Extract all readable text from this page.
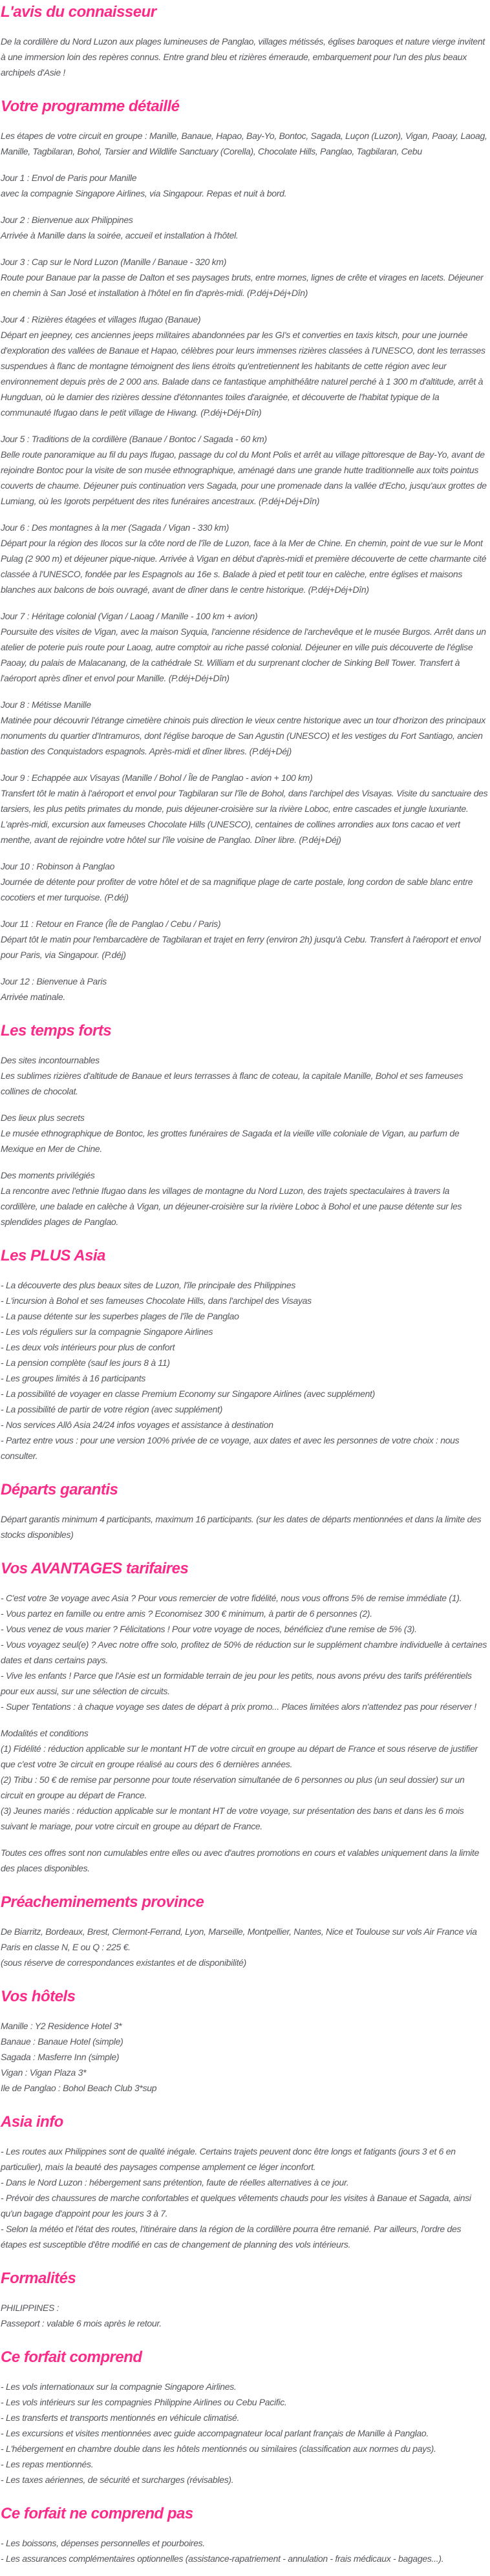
L'avis du connaisseur
De la cordillère du Nord Luzon aux plages lumineuses de Panglao, villages métissés, églises baroques et nature vierge invitent à une immersion loin des repères connus. Entre grand bleu et rizières émeraude, embarquement pour l'un des plus beaux archipels d'Asie !
Votre programme détaillé
Les étapes de votre circuit en groupe : Manille, Banaue, Hapao, Bay-Yo, Bontoc, Sagada, Luçon (Luzon), Vigan, Paoay, Laoag, Manille, Tagbilaran, Bohol, Tarsier and Wildlife Sanctuary (Corella), Chocolate Hills, Panglao, Tagbilaran, Cebu
Jour 1 : Envol de Paris pour Manille
avec la compagnie Singapore Airlines, via Singapour. Repas et nuit à bord.
Jour 2 : Bienvenue aux Philippines
Arrivée à Manille dans la soirée, accueil et installation à l'hôtel.
Jour 3 : Cap sur le Nord Luzon (Manille / Banaue - 320 km)
Route pour Banaue par la passe de Dalton et ses paysages bruts, entre mornes, lignes de crête et virages en lacets. Déjeuner en chemin à San José et installation à l'hôtel en fin d'après-midi. (P.déj+Déj+Dîn)
Jour 4 : Rizières étagées et villages Ifugao (Banaue)
Départ en jeepney, ces anciennes jeeps militaires abandonnées par les GI's et converties en taxis kitsch, pour une journée d'exploration des vallées de Banaue et Hapao, célèbres pour leurs immenses rizières classées à l'UNESCO, dont les terrasses suspendues à flanc de montagne témoignent des liens étroits qu'entretiennent les habitants de cette région avec leur environnement depuis près de 2 000 ans. Balade dans ce fantastique amphithéâtre naturel perché à 1 300 m d'altitude, arrêt à Hungduan, où le damier des rizières dessine d'étonnantes toiles d'araignée, et découverte de l'habitat typique de la communauté Ifugao dans le petit village de Hiwang. (P.déj+Déj+Dîn)
Jour 5 : Traditions de la cordillère (Banaue / Bontoc / Sagada - 60 km)
Belle route panoramique au fil du pays Ifugao, passage du col du Mont Polis et arrêt au village pittoresque de Bay-Yo, avant de rejoindre Bontoc pour la visite de son musée ethnographique, aménagé dans une grande hutte traditionnelle aux toits pointus couverts de chaume. Déjeuner puis continuation vers Sagada, pour une promenade dans la vallée d'Echo, jusqu'aux grottes de Lumiang, où les Igorots perpétuent des rites funéraires ancestraux. (P.déj+Déj+Dîn)
Jour 6 : Des montagnes à la mer (Sagada / Vigan - 330 km)
Départ pour la région des Ilocos sur la côte nord de l'île de Luzon, face à la Mer de Chine. En chemin, point de vue sur le Mont Pulag (2 900 m) et déjeuner pique-nique. Arrivée à Vigan en début d'après-midi et première découverte de cette charmante cité classée à l'UNESCO, fondée par les Espagnols au 16e s. Balade à pied et petit tour en calèche, entre églises et maisons blanches aux balcons de bois ouvragé, avant de dîner dans le centre historique. (P.déj+Déj+Dîn)
Jour 7 : Héritage colonial (Vigan / Laoag / Manille - 100 km + avion)
Poursuite des visites de Vigan, avec la maison Syquia, l'ancienne résidence de l'archevêque et le musée Burgos. Arrêt dans un atelier de poterie puis route pour Laoag, autre comptoir au riche passé colonial. Déjeuner en ville puis découverte de l'église Paoay, du palais de Malacanang, de la cathédrale St. William et du surprenant clocher de Sinking Bell Tower. Transfert à l'aéroport après dîner et envol pour Manille. (P.déj+Déj+Dîn)
Jour 8 : Métisse Manille
Matinée pour découvrir l'étrange cimetière chinois puis direction le vieux centre historique avec un tour d'horizon des principaux monuments du quartier d'Intramuros, dont l'église baroque de San Agustin (UNESCO) et les vestiges du Fort Santiago, ancien bastion des Conquistadors espagnols. Après-midi et dîner libres. (P.déj+Déj)
Jour 9 : Echappée aux Visayas (Manille / Bohol / Île de Panglao - avion + 100 km)
Transfert tôt le matin à l'aéroport et envol pour Tagbilaran sur l'île de Bohol, dans l'archipel des Visayas. Visite du sanctuaire des tarsiers, les plus petits primates du monde, puis déjeuner-croisière sur la rivière Loboc, entre cascades et jungle luxuriante. L'après-midi, excursion aux fameuses Chocolate Hills (UNESCO), centaines de collines arrondies aux tons cacao et vert menthe, avant de rejoindre votre hôtel sur l'île voisine de Panglao. Dîner libre. (P.déj+Déj)
Jour 10 : Robinson à Panglao
Journée de détente pour profiter de votre hôtel et de sa magnifique plage de carte postale, long cordon de sable blanc entre cocotiers et mer turquoise. (P.déj)
Jour 11 : Retour en France (Île de Panglao / Cebu / Paris)
Départ tôt le matin pour l'embarcadère de Tagbilaran et trajet en ferry (environ 2h) jusqu'à Cebu. Transfert à l'aéroport et envol pour Paris, via Singapour. (P.déj)
Jour 12 : Bienvenue à Paris
Arrivée matinale.
Les temps forts
Des sites incontournables
Les sublimes rizières d'altitude de Banaue et leurs terrasses à flanc de coteau, la capitale Manille, Bohol et ses fameuses collines de chocolat.
Des lieux plus secrets
Le musée ethnographique de Bontoc, les grottes funéraires de Sagada et la vieille ville coloniale de Vigan, au parfum de Mexique en Mer de Chine.
Des moments privilégiés
La rencontre avec l'ethnie Ifugao dans les villages de montagne du Nord Luzon, des trajets spectaculaires à travers la cordillère, une balade en calèche à Vigan, un déjeuner-croisière sur la rivière Loboc à Bohol et une pause détente sur les splendides plages de Panglao.
Les PLUS Asia
- La découverte des plus beaux sites de Luzon, l'île principale des Philippines
- L'incursion à Bohol et ses fameuses Chocolate Hills, dans l'archipel des Visayas
- La pause détente sur les superbes plages de l'île de Panglao
- Les vols réguliers sur la compagnie Singapore Airlines
- Les deux vols intérieurs pour plus de confort
- La pension complète (sauf les jours 8 à 11)
- Les groupes limités à 16 participants
- La possibilité de voyager en classe Premium Economy sur Singapore Airlines (avec supplément)
- La possibilité de partir de votre région (avec supplément)
- Nos services Allô Asia 24/24 infos voyages et assistance à destination
- Partez entre vous : pour une version 100% privée de ce voyage, aux dates et avec les personnes de votre choix : nous consulter.
Départs garantis
Départ garantis minimum 4 participants, maximum 16 participants. (sur les dates de départs mentionnées et dans la limite des stocks disponibles)
Vos AVANTAGES tarifaires
- C'est votre 3e voyage avec Asia ? Pour vous remercier de votre fidélité, nous vous offrons 5% de remise immédiate (1).
- Vous partez en famille ou entre amis ? Economisez 300 € minimum, à partir de 6 personnes (2).
- Vous venez de vous marier ? Félicitations ! Pour votre voyage de noces, bénéficiez d'une remise de 5% (3).
- Vous voyagez seul(e) ? Avec notre offre solo, profitez de 50% de réduction sur le supplément chambre individuelle à certaines dates et dans certains pays.
- Vive les enfants ! Parce que l'Asie est un formidable terrain de jeu pour les petits, nous avons prévu des tarifs préférentiels pour eux aussi, sur une sélection de circuits.
- Super Tentations : à chaque voyage ses dates de départ à prix promo... Places limitées alors n'attendez pas pour réserver !
Modalités et conditions
(1) Fidélité : réduction applicable sur le montant HT de votre circuit en groupe au départ de France et sous réserve de justifier que c'est votre 3e circuit en groupe réalisé au cours des 6 dernières années.
(2) Tribu : 50 € de remise par personne pour toute réservation simultanée de 6 personnes ou plus (un seul dossier) sur un circuit en groupe au départ de France.
(3) Jeunes mariés : réduction applicable sur le montant HT de votre voyage, sur présentation des bans et dans les 6 mois suivant le mariage, pour votre circuit en groupe au départ de France.
Toutes ces offres sont non cumulables entre elles ou avec d'autres promotions en cours et valables uniquement dans la limite des places disponibles.
Préacheminements province
De Biarritz, Bordeaux, Brest, Clermont-Ferrand, Lyon, Marseille, Montpellier, Nantes, Nice et Toulouse sur vols Air France via Paris en classe N, E ou Q : 225 €.
(sous réserve de correspondances existantes et de disponibilité)
Vos hôtels
Manille : Y2 Residence Hotel 3*
Banaue : Banaue Hotel (simple)
Sagada : Masferre Inn (simple)
Vigan : Vigan Plaza 3*
Ile de Panglao : Bohol Beach Club 3*sup
Asia info
- Les routes aux Philippines sont de qualité inégale. Certains trajets peuvent donc être longs et fatigants (jours 3 et 6 en particulier), mais la beauté des paysages compense amplement ce léger inconfort.
- Dans le Nord Luzon : hébergement sans prétention, faute de réelles alternatives à ce jour.
- Prévoir des chaussures de marche confortables et quelques vêtements chauds pour les visites à Banaue et Sagada, ainsi qu'un bagage d'appoint pour les jours 3 à 7.
- Selon la météo et l'état des routes, l'itinéraire dans la région de la cordillère pourra être remanié. Par ailleurs, l'ordre des étapes est susceptible d'être modifié en cas de changement de planning des vols intérieurs.
Formalités
PHILIPPINES :
Passeport : valable 6 mois après le retour.
Ce forfait comprend
- Les vols internationaux sur la compagnie Singapore Airlines.
- Les vols intérieurs sur les compagnies Philippine Airlines ou Cebu Pacific.
- Les transferts et transports mentionnés en véhicule climatisé.
- Les excursions et visites mentionnées avec guide accompagnateur local parlant français de Manille à Panglao.
- L'hébergement en chambre double dans les hôtels mentionnés ou similaires (classification aux normes du pays).
- Les repas mentionnés.
- Les taxes aériennes, de sécurité et surcharges (révisables).
Ce forfait ne comprend pas
- Les boissons, dépenses personnelles et pourboires.
- Les assurances complémentaires optionnelles (assistance-rapatriement - annulation - frais médicaux - bagages...).
